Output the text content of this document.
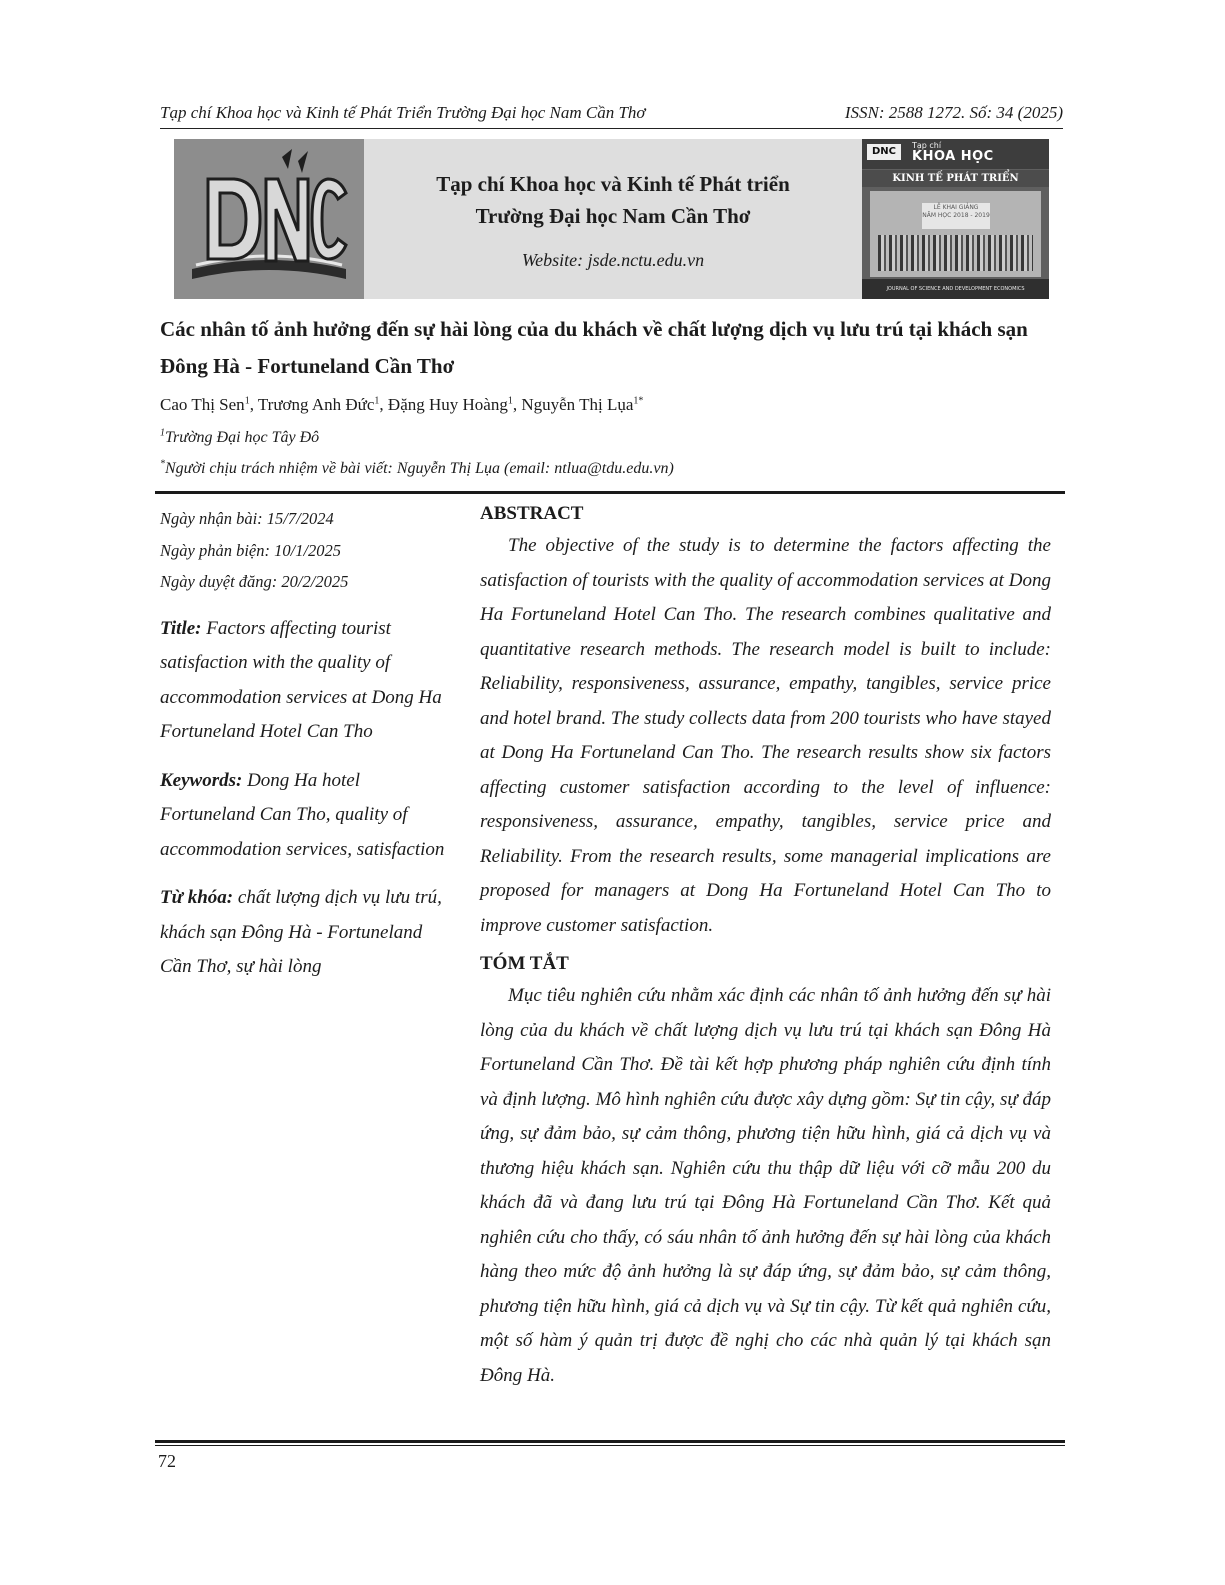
Tạp chí Khoa học và Kinh tế Phát Triển Trường Đại học Nam Cần Thơ	ISSN: 2588 1272. Số: 34 (2025)
Tạp chí Khoa học và Kinh tế Phát triển
Trường Đại học Nam Cần Thơ
Website: jsde.nctu.edu.vn
DNC
Tạp chí
KHOA HỌC
KINH TẾ PHÁT TRIỂN
LỄ KHAI GIẢNG
NĂM HỌC 2018 - 2019
JOURNAL OF SCIENCE AND DEVELOPMENT ECONOMICS
Các nhân tố ảnh hưởng đến sự hài lòng của du khách về chất lượng dịch vụ lưu trú tại khách sạn Đông Hà - Fortuneland Cần Thơ
Cao Thị Sen$^1$, Trương Anh Đức$^1$, Đặng Huy Hoàng$^1$, Nguyễn Thị Lụa$^{1*}$
$^1$Trường Đại học Tây Đô
*Người chịu trách nhiệm về bài viết: Nguyễn Thị Lụa (email: ntlua@tdu.edu.vn)
Ngày nhận bài: 15/7/2024
Ngày phản biện: 10/1/2025
Ngày duyệt đăng: 20/2/2025
Title: Factors affecting tourist satisfaction with the quality of accommodation services at Dong Ha Fortuneland Hotel Can Tho
Keywords: Dong Ha hotel Fortuneland Can Tho, quality of accommodation services, satisfaction
Từ khóa: chất lượng dịch vụ lưu trú, khách sạn Đông Hà - Fortuneland Cần Thơ, sự hài lòng
ABSTRACT

The objective of the study is to determine the factors affecting the satisfaction of tourists with the quality of accommodation services at Dong Ha Fortuneland Hotel Can Tho. The research combines qualitative and quantitative research methods. The research model is built to include: Reliability, responsiveness, assurance, empathy, tangibles, service price and hotel brand. The study collects data from 200 tourists who have stayed at Dong Ha Fortuneland Can Tho. The research results show six factors affecting customer satisfaction according to the level of influence: responsiveness, assurance, empathy, tangibles, service price and Reliability. From the research results, some managerial implications are proposed for managers at Dong Ha Fortuneland Hotel Can Tho to improve customer satisfaction.

TÓM TẮT

Mục tiêu nghiên cứu nhằm xác định các nhân tố ảnh hưởng đến sự hài lòng của du khách về chất lượng dịch vụ lưu trú tại khách sạn Đông Hà Fortuneland Cần Thơ. Đề tài kết hợp phương pháp nghiên cứu định tính và định lượng. Mô hình nghiên cứu được xây dựng gồm: Sự tin cậy, sự đáp ứng, sự đảm bảo, sự cảm thông, phương tiện hữu hình, giá cả dịch vụ và thương hiệu khách sạn. Nghiên cứu thu thập dữ liệu với cỡ mẫu 200 du khách đã và đang lưu trú tại Đông Hà Fortuneland Cần Thơ. Kết quả nghiên cứu cho thấy, có sáu nhân tố ảnh hưởng đến sự hài lòng của khách hàng theo mức độ ảnh hưởng là sự đáp ứng, sự đảm bảo, sự cảm thông, phương tiện hữu hình, giá cả dịch vụ và Sự tin cậy. Từ kết quả nghiên cứu, một số hàm ý quản trị được đề nghị cho các nhà quản lý tại khách sạn Đông Hà.

72
